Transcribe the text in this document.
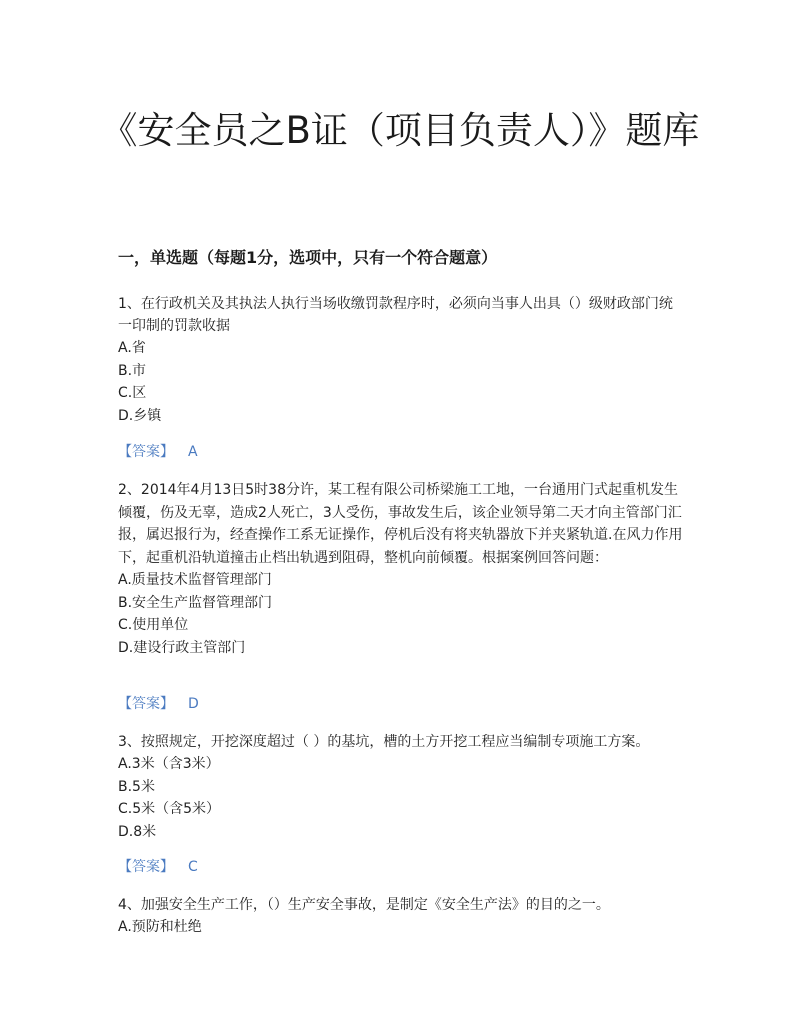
《安全员之B证（项目负责人）》题库
一，单选题（每题1分，选项中，只有一个符合题意）

1、在行政机关及其执法人执行当场收缴罚款程序时，必须向当事人出具（）级财政部门统一印制的罚款收据

A.省

B.市

C.区

D.乡镇

【答案】 A

2、2014年4月13日5时38分许，某工程有限公司桥梁施工工地，一台通用门式起重机发生倾覆，伤及无辜，造成2人死亡，3人受伤，事故发生后，该企业领导第二天才向主管部门汇报，属迟报行为，经查操作工系无证操作，停机后没有将夹轨器放下并夹紧轨道.在风力作用下，起重机沿轨道撞击止档出轨遇到阻碍，整机向前倾覆。根据案例回答问题：

A.质量技术监督管理部门

B.安全生产监督管理部门

C.使用单位

D.建设行政主管部门

【答案】 D

3、按照规定，开挖深度超过（ ）的基坑，槽的土方开挖工程应当编制专项施工方案。

A.3米（含3米）

B.5米

C.5米（含5米）

D.8米

【答案】 C

4、加强安全生产工作，（）生产安全事故，是制定《安全生产法》的目的之一。

A.预防和杜绝
